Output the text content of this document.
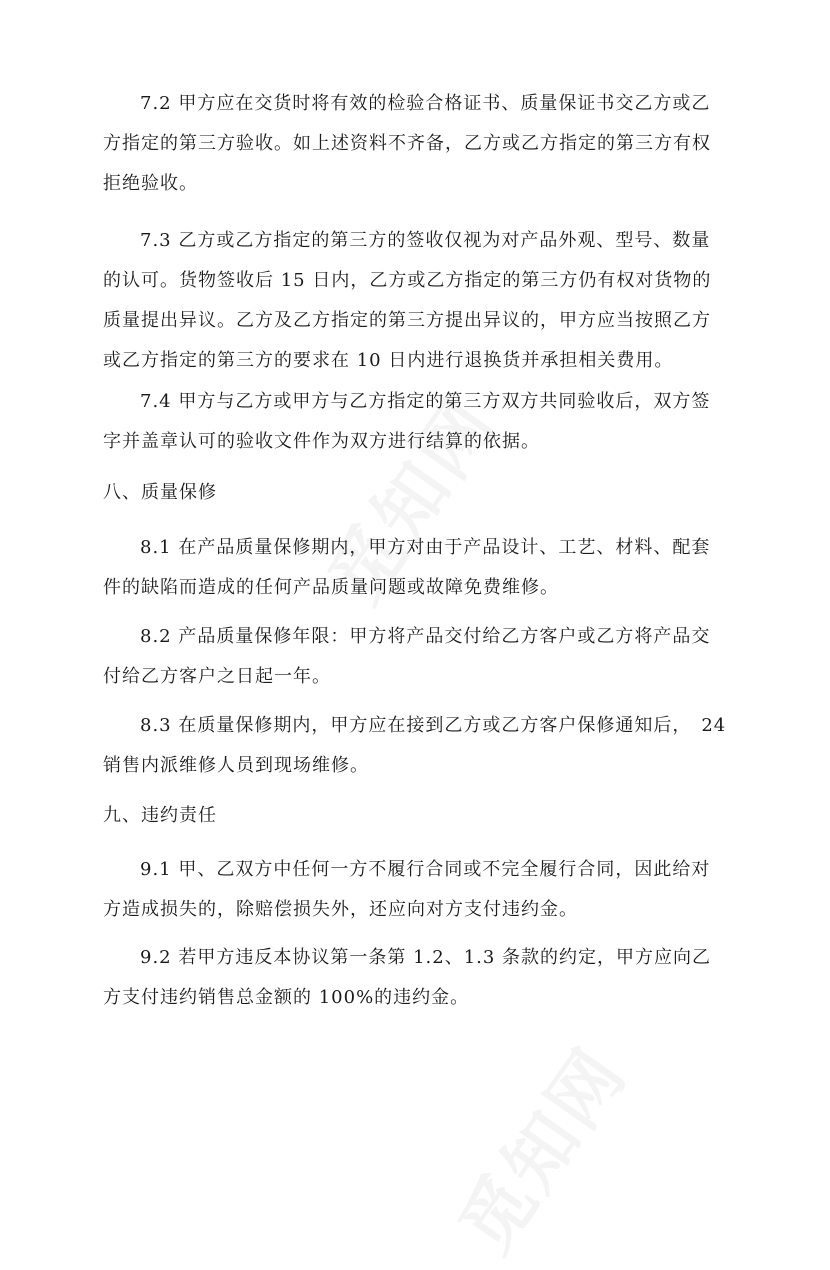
7.2 甲方应在交货时将有效的检验合格证书、质量保证书交乙方或乙
方指定的第三方验收。如上述资料不齐备，乙方或乙方指定的第三方有权
拒绝验收。
7.3 乙方或乙方指定的第三方的签收仅视为对产品外观、型号、数量
的认可。货物签收后 15 日内，乙方或乙方指定的第三方仍有权对货物的
质量提出异议。乙方及乙方指定的第三方提出异议的，甲方应当按照乙方
或乙方指定的第三方的要求在 10 日内进行退换货并承担相关费用。
7.4 甲方与乙方或甲方与乙方指定的第三方双方共同验收后，双方签
字并盖章认可的验收文件作为双方进行结算的依据。
八、质量保修
8.1 在产品质量保修期内，甲方对由于产品设计、工艺、材料、配套
件的缺陷而造成的任何产品质量问题或故障免费维修。
8.2 产品质量保修年限：甲方将产品交付给乙方客户或乙方将产品交
付给乙方客户之日起一年。
8.3 在质量保修期内，甲方应在接到乙方或乙方客户保修通知后，　24
销售内派维修人员到现场维修。
九、违约责任
9.1 甲、乙双方中任何一方不履行合同或不完全履行合同，因此给对
方造成损失的，除赔偿损失外，还应向对方支付违约金。
9.2 若甲方违反本协议第一条第 1.2、1.3 条款的约定，甲方应向乙
方支付违约销售总金额的 100%的违约金。
